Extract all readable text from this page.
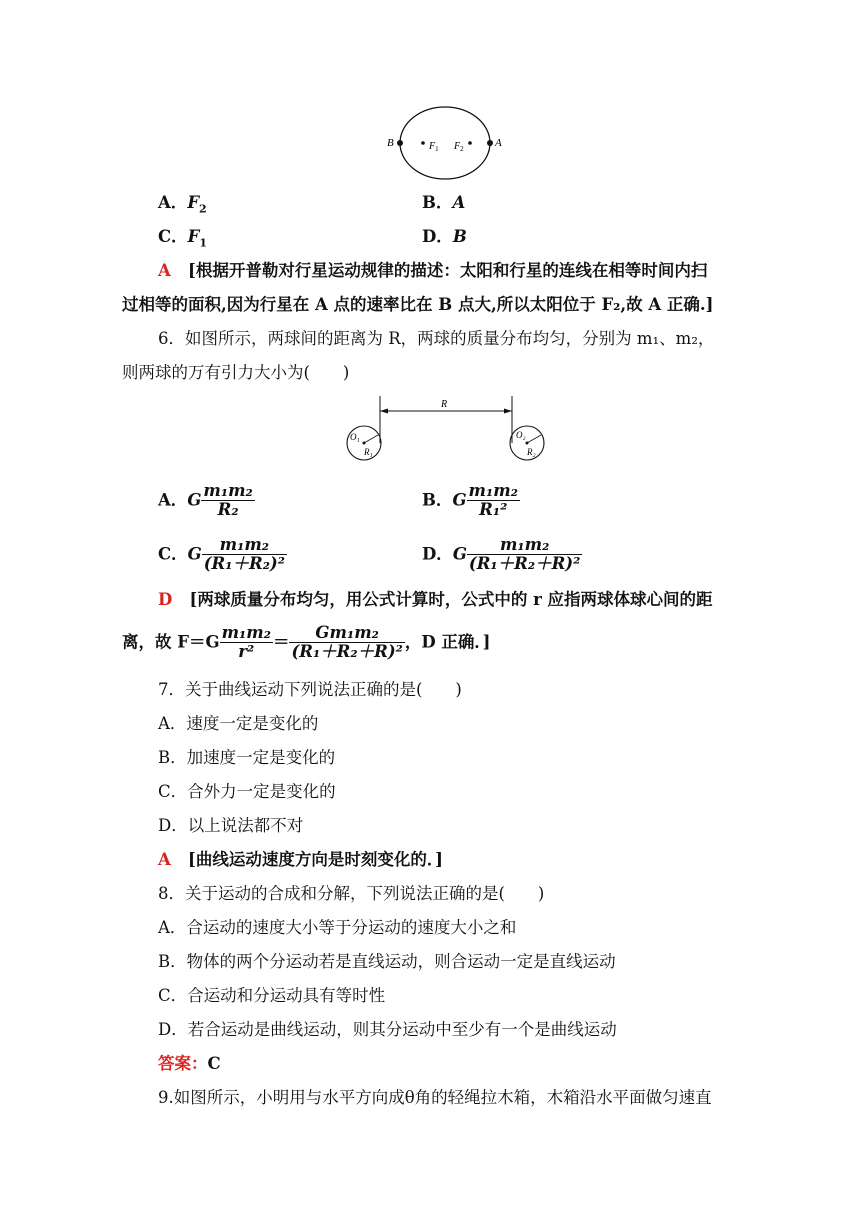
B	A
$F_1$ $F_2$
A．$F_2$	B．A
C．$F_1$	D．B
A [根据开普勒对行星运动规律的描述：太阳和行星的连线在相等时间内扫
过相等的面积,因为行星在 A 点的速率比在 B 点大,所以太阳位于 F₂,故 A 正确.]
6．如图所示，两球间的距离为 R，两球的质量分布均匀，分别为 m₁、m₂，
则两球的万有引力大小为(　　)
R
O₁
R₁
O₂
R₂
A．G $\frac{\text{m₁m₂}}{\text{R₂}}$	B．G $\frac{\text{m₁m₂}}{\text{R₁²}}$
C．G $\frac{\text{m₁m₂}}{\text{(R₁＋R₂)²}}$	D．G $\frac{\text{m₁m₂}}{\text{(R₁＋R₂＋R)²}}$
D [两球质量分布均匀，用公式计算时，公式中的 r 应指两球体球心间的距
离，故 $F=G \frac{\text{m₁m₂}}{\text{r²}} = \frac{\text{Gm₁m₂}}{\text{(R₁＋R₂＋R)²}}$ ，D 正确．]
7．关于曲线运动下列说法正确的是(　　)
A．速度一定是变化的
B．加速度一定是变化的
C．合外力一定是变化的
D．以上说法都不对
A [曲线运动速度方向是时刻变化的．]
8．关于运动的合成和分解，下列说法正确的是(　　)
A．合运动的速度大小等于分运动的速度大小之和
B．物体的两个分运动若是直线运动，则合运动一定是直线运动
C．合运动和分运动具有等时性
D．若合运动是曲线运动，则其分运动中至少有一个是曲线运动
答案：C
9.如图所示，小明用与水平方向成θ角的轻绳拉木箱，木箱沿水平面做匀速直
